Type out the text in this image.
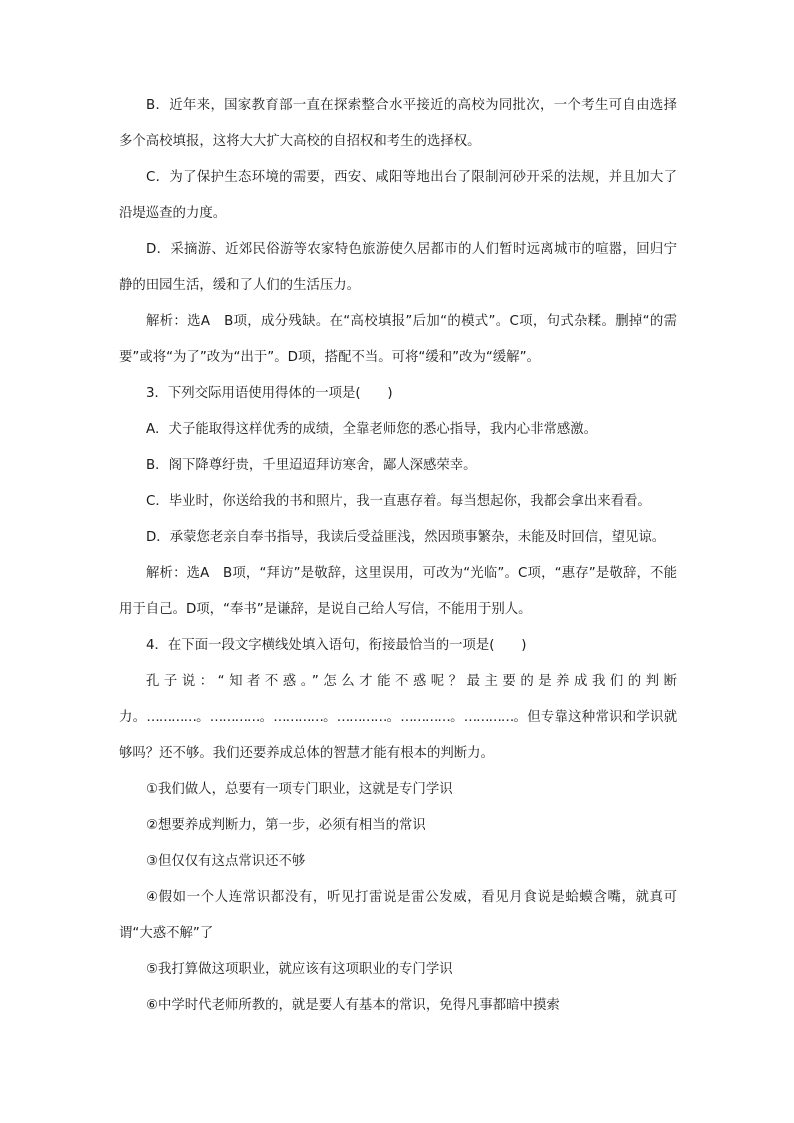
B．近年来，国家教育部一直在探索整合水平接近的高校为同批次，一个考生可自由选择多个高校填报，这将大大扩大高校的自招权和考生的选择权。

C．为了保护生态环境的需要，西安、咸阳等地出台了限制河砂开采的法规，并且加大了沿堤巡查的力度。

D．采摘游、近郊民俗游等农家特色旅游使久居都市的人们暂时远离城市的喧嚣，回归宁静的田园生活，缓和了人们的生活压力。

解析：选A　B项，成分残缺。在“高校填报”后加“的模式”。C项，句式杂糅。删掉“的需要”或将“为了”改为“出于”。D项，搭配不当。可将“缓和”改为“缓解”。

3．下列交际用语使用得体的一项是(　　)

A．犬子能取得这样优秀的成绩，全靠老师您的悉心指导，我内心非常感激。

B．阁下降尊纡贵，千里迢迢拜访寒舍，鄙人深感荣幸。

C．毕业时，你送给我的书和照片，我一直惠存着。每当想起你，我都会拿出来看看。

D．承蒙您老亲自奉书指导，我读后受益匪浅，然因琐事繁杂，未能及时回信，望见谅。

解析：选A　B项，“拜访”是敬辞，这里误用，可改为“光临”。C项，“惠存”是敬辞，不能用于自己。D项，“奉书”是谦辞，是说自己给人写信，不能用于别人。

4．在下面一段文字横线处填入语句，衔接最恰当的一项是(　　)

孔子说：“知者不惑。”怎么才能不惑呢？最主要的是养成我们的判断力。…………。…………。…………。…………。…………。…………。但专靠这种常识和学识就够吗？还不够。我们还要养成总体的智慧才能有根本的判断力。

①我们做人，总要有一项专门职业，这就是专门学识

②想要养成判断力，第一步，必须有相当的常识

③但仅仅有这点常识还不够

④假如一个人连常识都没有，听见打雷说是雷公发威，看见月食说是蛤蟆含嘴，就真可谓“大惑不解”了

⑤我打算做这项职业，就应该有这项职业的专门学识

⑥中学时代老师所教的，就是要人有基本的常识，免得凡事都暗中摸索
